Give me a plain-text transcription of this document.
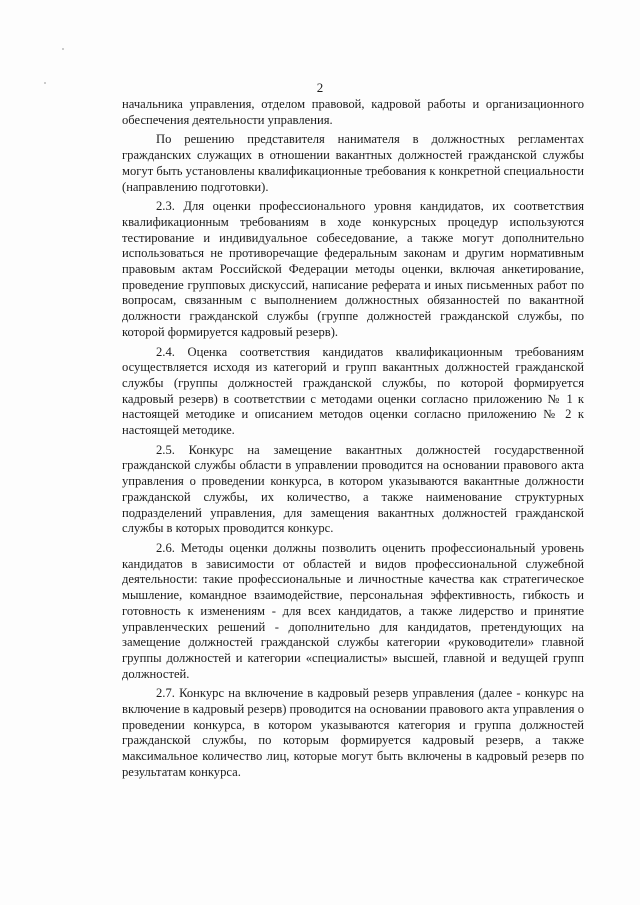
2

начальника управления, отделом правовой, кадровой работы и организационного обеспечения деятельности управления.

По решению представителя нанимателя в должностных регламентах гражданских служащих в отношении вакантных должностей гражданской службы могут быть установлены квалификационные требования к конкретной специальности (направлению подготовки).

2.3. Для оценки профессионального уровня кандидатов, их соответствия квалификационным требованиям в ходе конкурсных процедур используются тестирование и индивидуальное собеседование, а также могут дополнительно использоваться не противоречащие федеральным законам и другим нормативным правовым актам Российской Федерации методы оценки, включая анкетирование, проведение групповых дискуссий, написание реферата и иных письменных работ по вопросам, связанным с выполнением должностных обязанностей по вакантной должности гражданской службы (группе должностей гражданской службы, по которой формируется кадровый резерв).

2.4. Оценка соответствия кандидатов квалификационным требованиям осуществляется исходя из категорий и групп вакантных должностей гражданской службы (группы должностей гражданской службы, по которой формируется кадровый резерв) в соответствии с методами оценки согласно приложению № 1 к настоящей методике и описанием методов оценки согласно приложению № 2 к настоящей методике.

2.5. Конкурс на замещение вакантных должностей государственной гражданской службы области в управлении проводится на основании правового акта управления о проведении конкурса, в котором указываются вакантные должности гражданской службы, их количество, а также наименование структурных подразделений управления, для замещения вакантных должностей гражданской службы в которых проводится конкурс.

2.6. Методы оценки должны позволить оценить профессиональный уровень кандидатов в зависимости от областей и видов профессиональной служебной деятельности: такие профессиональные и личностные качества как стратегическое мышление, командное взаимодействие, персональная эффективность, гибкость и готовность к изменениям - для всех кандидатов, а также лидерство и принятие управленческих решений - дополнительно для кандидатов, претендующих на замещение должностей гражданской службы категории «руководители» главной группы должностей и категории «специалисты» высшей, главной и ведущей групп должностей.

2.7. Конкурс на включение в кадровый резерв управления (далее - конкурс на включение в кадровый резерв) проводится на основании правового акта управления о проведении конкурса, в котором указываются категория и группа должностей гражданской службы, по которым формируется кадровый резерв, а также максимальное количество лиц, которые могут быть включены в кадровый резерв по результатам конкурса.
